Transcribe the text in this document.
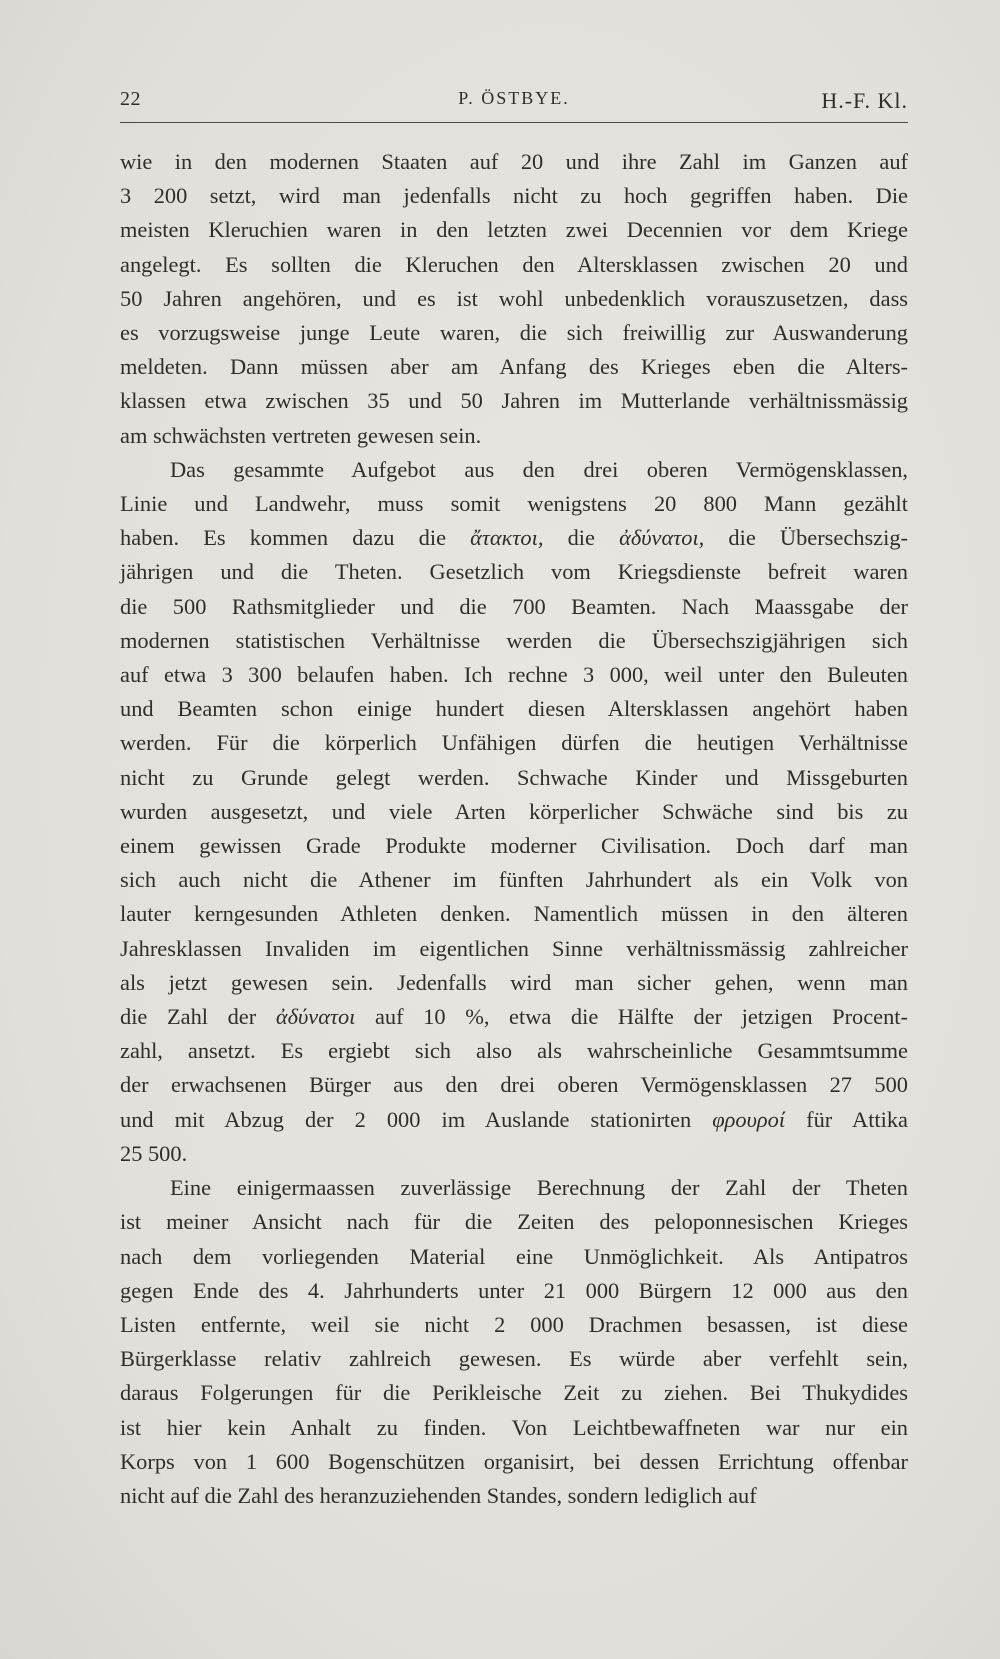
22	P. ÖSTBYE.	H.-F. Kl.
wie in den modernen Staaten auf 20 und ihre Zahl im Ganzen auf
3 200 setzt, wird man jedenfalls nicht zu hoch gegriffen haben. Die
meisten Kleruchien waren in den letzten zwei Decennien vor dem Kriege
angelegt. Es sollten die Kleruchen den Altersklassen zwischen 20 und
50 Jahren angehören, und es ist wohl unbedenklich vorauszusetzen, dass
es vorzugsweise junge Leute waren, die sich freiwillig zur Auswanderung
meldeten. Dann müssen aber am Anfang des Krieges eben die Alters-
klassen etwa zwischen 35 und 50 Jahren im Mutterlande verhältnissmässig
am schwächsten vertreten gewesen sein.
Das gesammte Aufgebot aus den drei oberen Vermögensklassen,
Linie und Landwehr, muss somit wenigstens 20 800 Mann gezählt
haben. Es kommen dazu die ἄτακτοι, die ἀδύνατοι, die Übersechszig-
jährigen und die Theten. Gesetzlich vom Kriegsdienste befreit waren
die 500 Rathsmitglieder und die 700 Beamten. Nach Maassgabe der
modernen statistischen Verhältnisse werden die Übersechszigjährigen sich
auf etwa 3 300 belaufen haben. Ich rechne 3 000, weil unter den Buleuten
und Beamten schon einige hundert diesen Altersklassen angehört haben
werden. Für die körperlich Unfähigen dürfen die heutigen Verhältnisse
nicht zu Grunde gelegt werden. Schwache Kinder und Missgeburten
wurden ausgesetzt, und viele Arten körperlicher Schwäche sind bis zu
einem gewissen Grade Produkte moderner Civilisation. Doch darf man
sich auch nicht die Athener im fünften Jahrhundert als ein Volk von
lauter kerngesunden Athleten denken. Namentlich müssen in den älteren
Jahresklassen Invaliden im eigentlichen Sinne verhältnissmässig zahlreicher
als jetzt gewesen sein. Jedenfalls wird man sicher gehen, wenn man
die Zahl der ἀδύνατοι auf 10 %, etwa die Hälfte der jetzigen Procent-
zahl, ansetzt. Es ergiebt sich also als wahrscheinliche Gesammtsumme
der erwachsenen Bürger aus den drei oberen Vermögensklassen 27 500
und mit Abzug der 2 000 im Auslande stationirten φρουροί für Attika
25 500.
Eine einigermaassen zuverlässige Berechnung der Zahl der Theten
ist meiner Ansicht nach für die Zeiten des peloponnesischen Krieges
nach dem vorliegenden Material eine Unmöglichkeit. Als Antipatros
gegen Ende des 4. Jahrhunderts unter 21 000 Bürgern 12 000 aus den
Listen entfernte, weil sie nicht 2 000 Drachmen besassen, ist diese
Bürgerklasse relativ zahlreich gewesen. Es würde aber verfehlt sein,
daraus Folgerungen für die Perikleische Zeit zu ziehen. Bei Thukydides
ist hier kein Anhalt zu finden. Von Leichtbewaffneten war nur ein
Korps von 1 600 Bogenschützen organisirt, bei dessen Errichtung offenbar
nicht auf die Zahl des heranzuziehenden Standes, sondern lediglich auf
